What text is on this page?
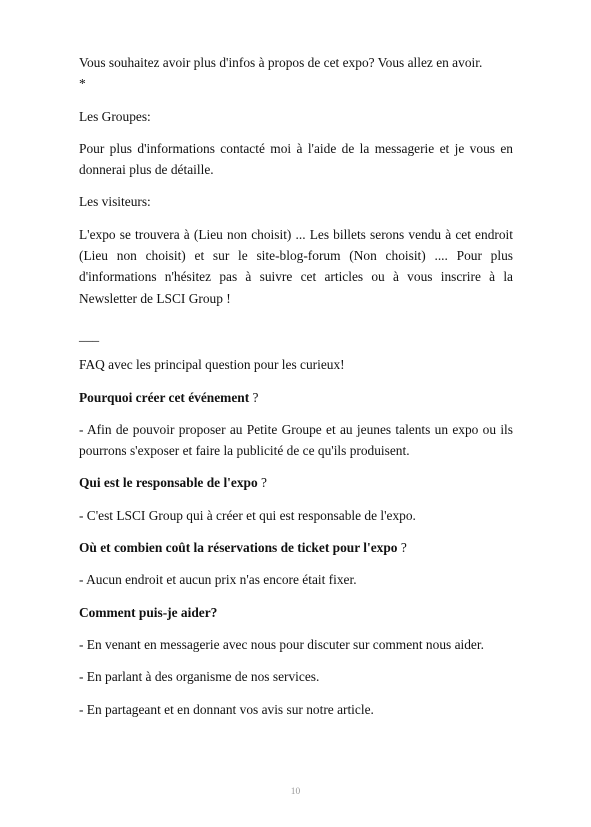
Vous souhaitez avoir plus d'infos à propos de cet expo? Vous allez en avoir.

*

Les Groupes:

Pour plus d'informations contacté moi à l'aide de la messagerie et je vous en donnerai plus de détaille.

Les visiteurs:

L'expo se trouvera à (Lieu non choisit) ... Les billets serons vendu à cet endroit (Lieu non choisit) et sur le site-blog-forum (Non choisit) .... Pour plus d'informations n'hésitez pas à suivre cet articles ou à vous inscrire à la Newsletter de LSCI Group !

___

FAQ avec les principal question pour les curieux!

Pourquoi créer cet événement ?

- Afin de pouvoir proposer au Petite Groupe et au jeunes talents un expo ou ils pourrons s'exposer et faire la publicité de ce qu'ils produisent.

Qui est le responsable de l'expo ?

- C'est LSCI Group qui à créer et qui est responsable de l'expo.

Où et combien coût la réservations de ticket pour l'expo ?

- Aucun endroit et aucun prix n'as encore était fixer.

Comment puis-je aider?

- En venant en messagerie avec nous pour discuter sur comment nous aider.

- En parlant à des organisme de nos services.

- En partageant et en donnant vos avis sur notre article.

10
